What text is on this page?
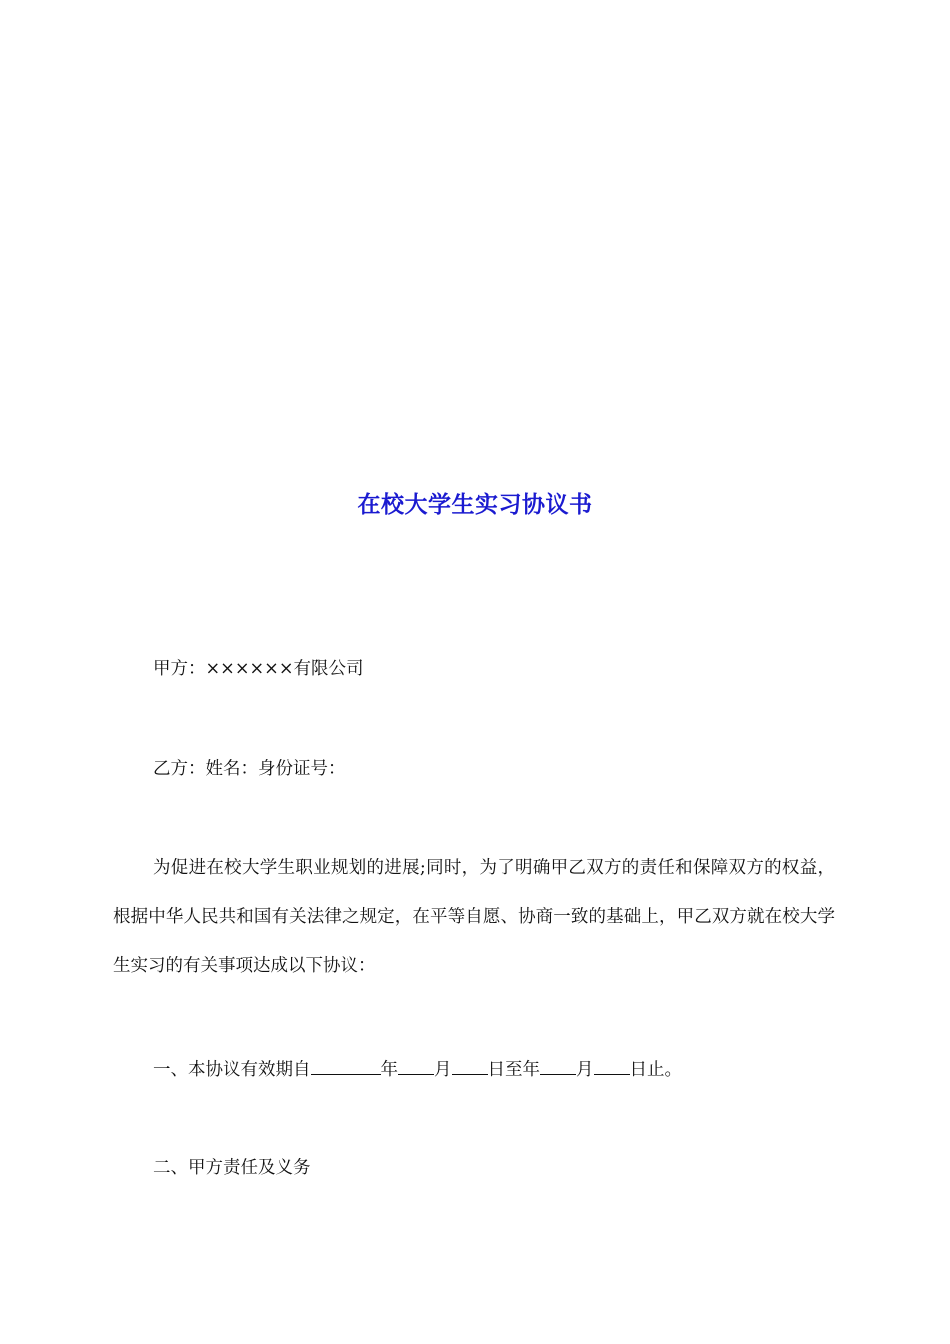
在校大学生实习协议书
甲方：××××××有限公司
乙方：姓名：身份证号：
为促进在校大学生职业规划的进展;同时，为了明确甲乙双方的责任和保障双方的权益，根据中华人民共和国有关法律之规定，在平等自愿、协商一致的基础上，甲乙双方就在校大学生实习的有关事项达成以下协议：
一、本协议有效期自	年 月 日至年 月 日止。
二、甲方责任及义务
